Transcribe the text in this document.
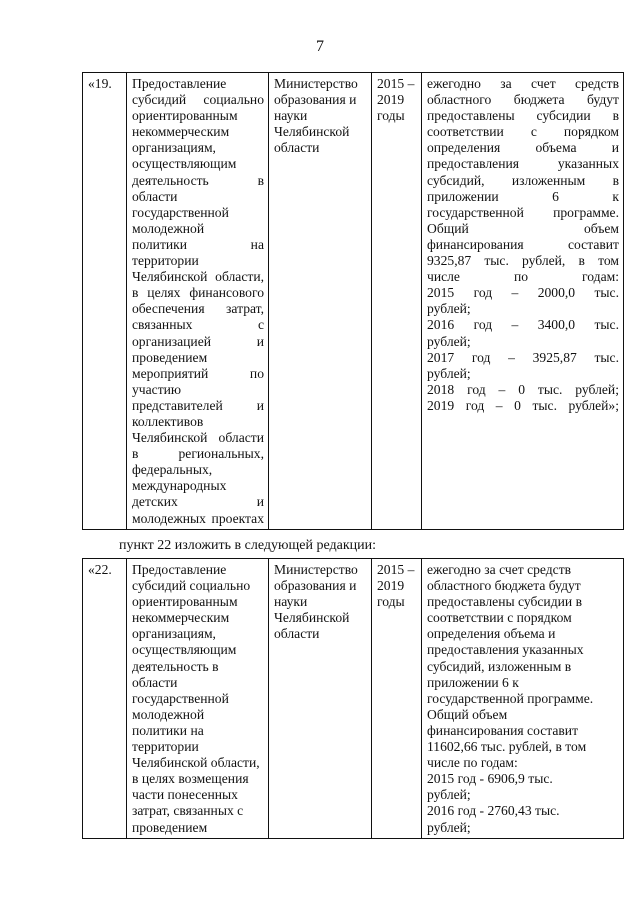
7
«19.	Предоставление
субсидий социально
ориентированным
некоммерческим
организациям,
осуществляющим
деятельность в
области
государственной
молодежной
политики на
территории
Челябинской области,
в целях финансового
обеспечения затрат,
связанных с
организацией и
проведением
мероприятий по
участию
представителей и
коллективов
Челябинской области
в региональных,
федеральных,
международных
детских и
молодежных проектах	Министерство
образования и
науки
Челябинской
области	2015 –
2019
годы	ежегодно за счет средств
областного бюджета будут
предоставлены субсидии в
соответствии с порядком
определения объема и
предоставления указанных
субсидий, изложенным в
приложении 6 к
государственной программе.
Общий объем
финансирования составит
9325,87 тыс. рублей, в том
числе по годам:
2015 год – 2000,0 тыс.
рублей;
2016 год – 3400,0 тыс.
рублей;
2017 год – 3925,87 тыс.
рублей;
2018 год – 0 тыс. рублей;
2019 год – 0 тыс. рублей»;
пункт 22 изложить в следующей редакции:
«22.	Предоставление
субсидий социально
ориентированным
некоммерческим
организациям,
осуществляющим
деятельность в
области
государственной
молодежной
политики на
территории
Челябинской области,
в целях возмещения
части понесенных
затрат, связанных с
проведением	Министерство
образования и
науки
Челябинской
области	2015 –
2019
годы	ежегодно за счет средств
областного бюджета будут
предоставлены субсидии в
соответствии с порядком
определения объема и
предоставления указанных
субсидий, изложенным в
приложении 6 к
государственной программе.
Общий объем
финансирования составит
11602,66 тыс. рублей, в том
числе по годам:
2015 год - 6906,9 тыс.
рублей;
2016 год - 2760,43 тыс.
рублей;
